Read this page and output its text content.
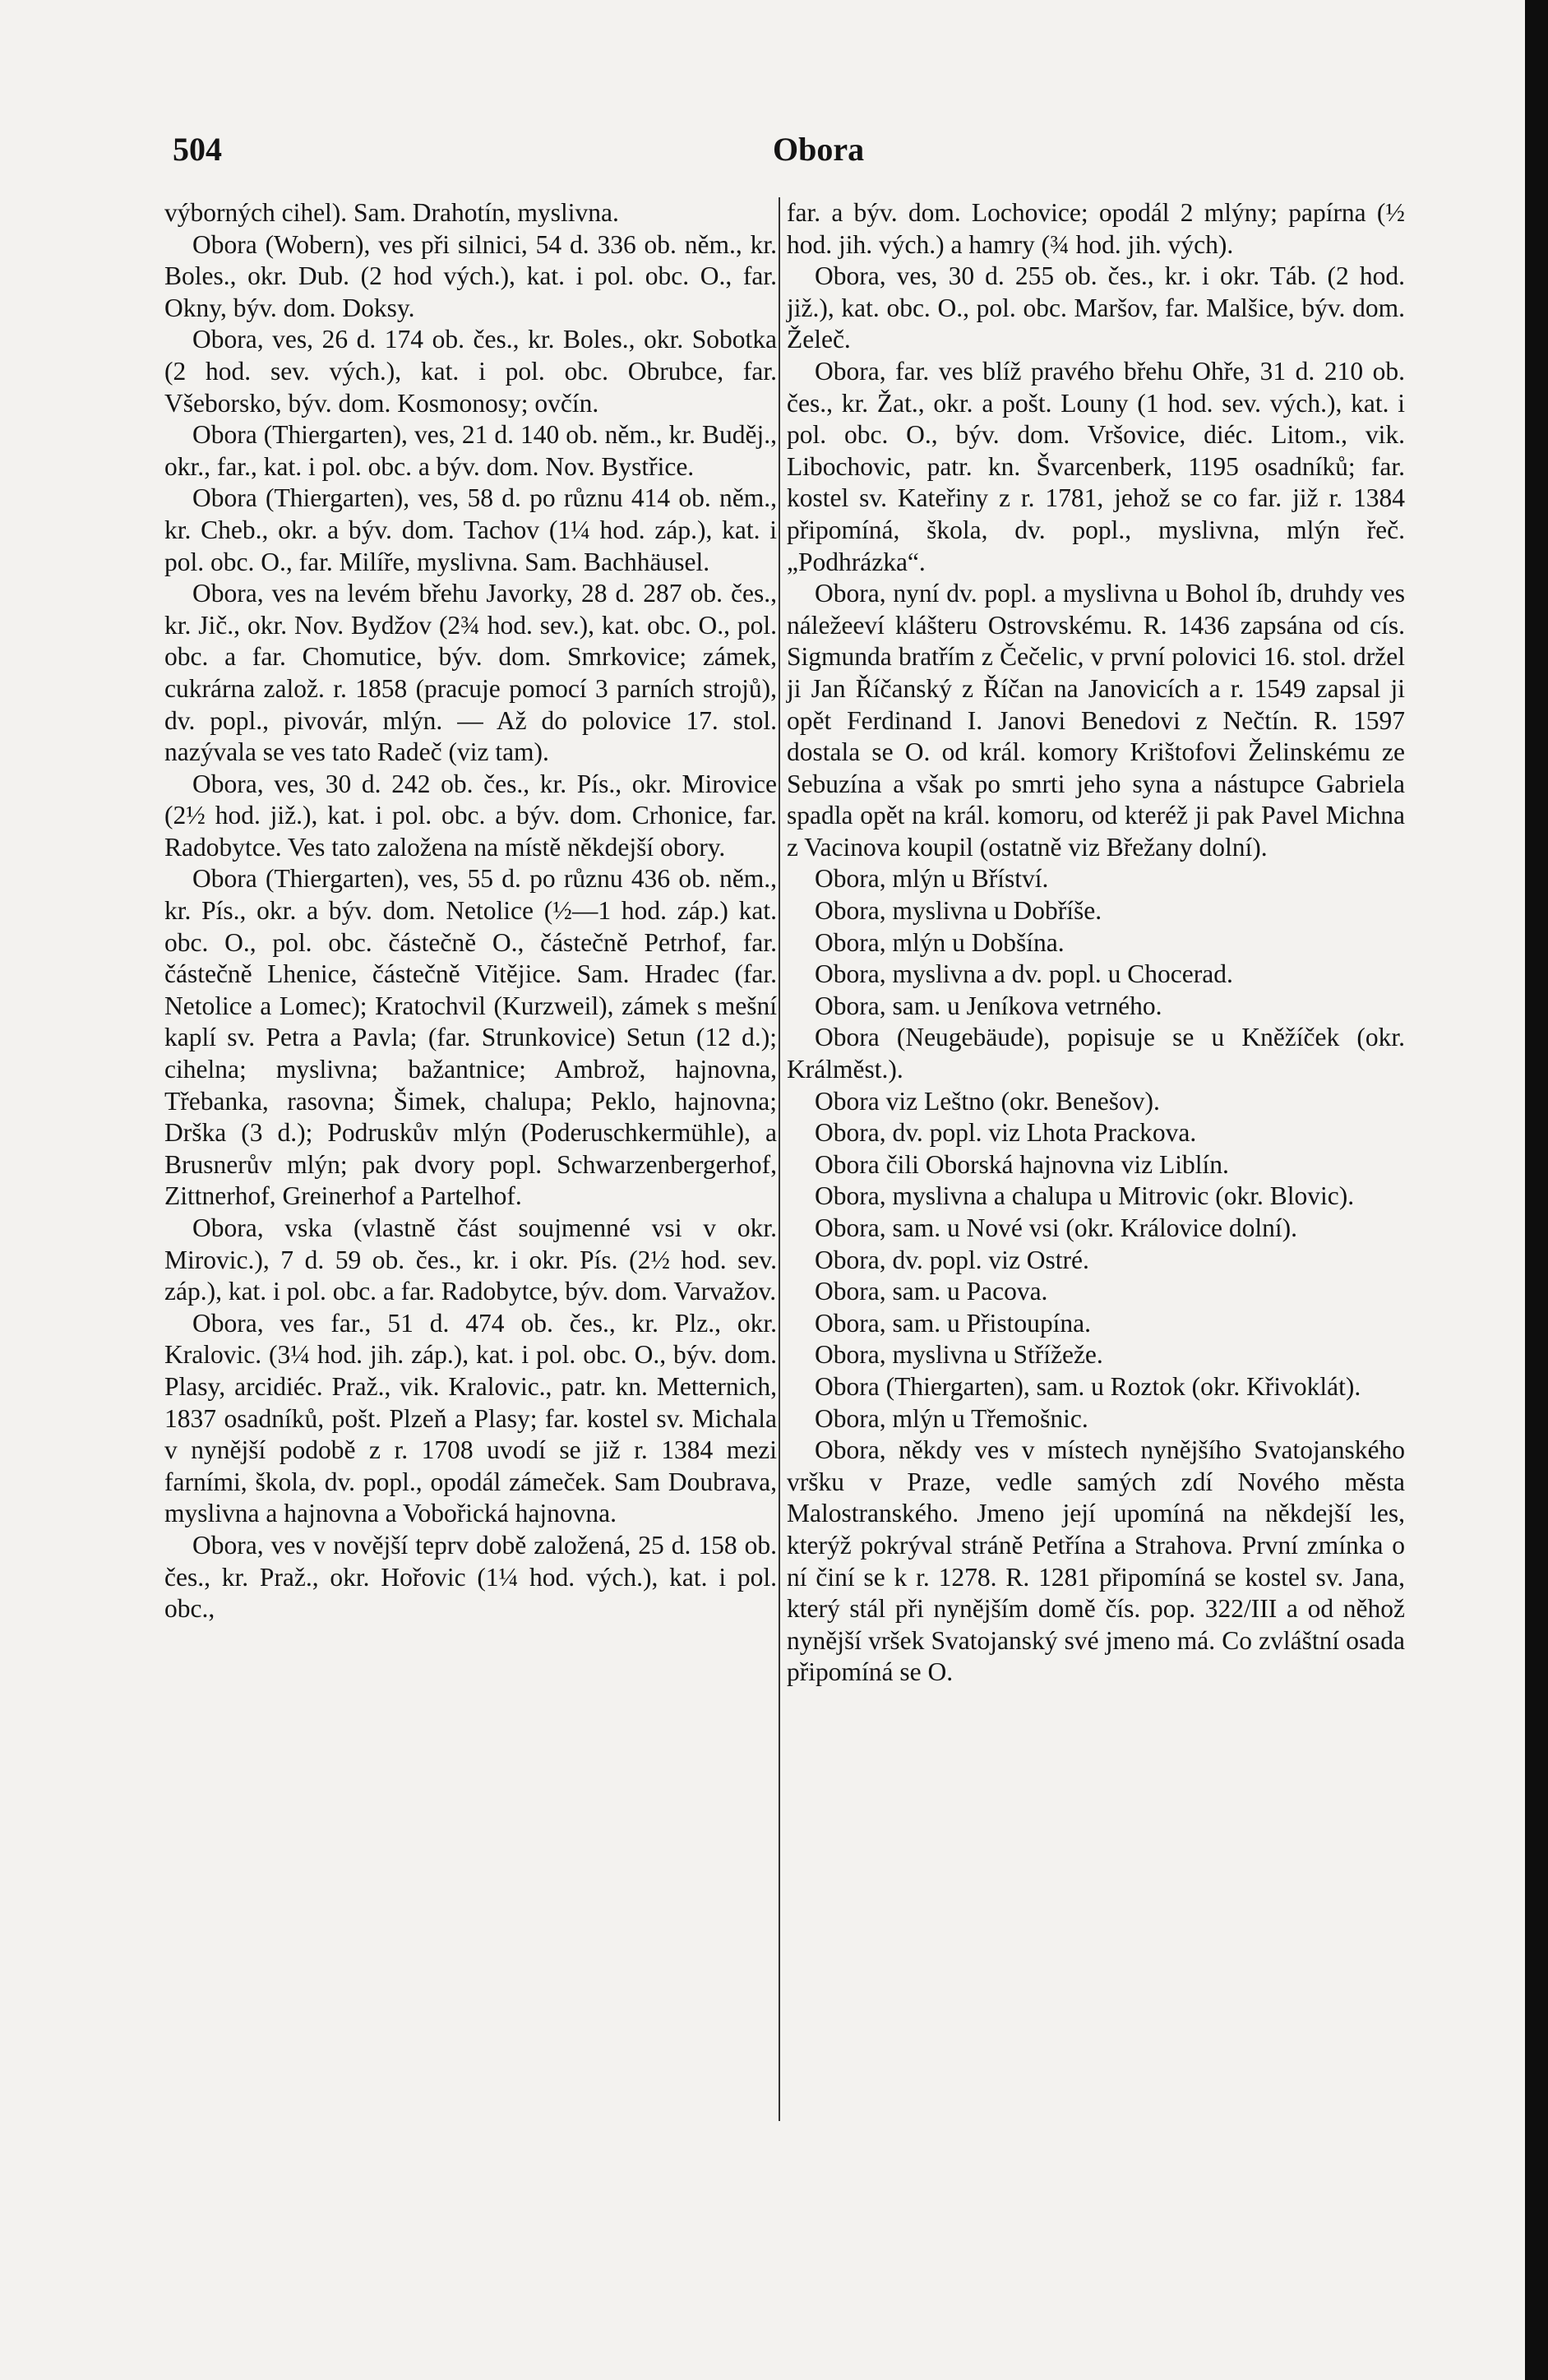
504	Obora

výborných cihel). Sam. Drahotín, myslivna.

Obora (Wobern), ves při silnici, 54 d. 336 ob. něm., kr. Boles., okr. Dub. (2 hod vých.), kat. i pol. obc. O., far. Okny, býv. dom. Doksy.

Obora, ves, 26 d. 174 ob. čes., kr. Boles., okr. Sobotka (2 hod. sev. vých.), kat. i pol. obc. Obrubce, far. Všeborsko, býv. dom. Kosmonosy; ovčín.

Obora (Thiergarten), ves, 21 d. 140 ob. něm., kr. Buděj., okr., far., kat. i pol. obc. a býv. dom. Nov. Bystřice.

Obora (Thiergarten), ves, 58 d. po různu 414 ob. něm., kr. Cheb., okr. a býv. dom. Tachov (1¼ hod. záp.), kat. i pol. obc. O., far. Milíře, myslivna. Sam. Bachhäusel.

Obora, ves na levém břehu Javorky, 28 d. 287 ob. čes., kr. Jič., okr. Nov. Bydžov (2¾ hod. sev.), kat. obc. O., pol. obc. a far. Chomutice, býv. dom. Smrkovice; zámek, cukrárna založ. r. 1858 (pracuje pomocí 3 parních strojů), dv. popl., pivovár, mlýn. — Až do polovice 17. stol. nazývala se ves tato Radeč (viz tam).

Obora, ves, 30 d. 242 ob. čes., kr. Pís., okr. Mirovice (2½ hod. již.), kat. i pol. obc. a býv. dom. Crhonice, far. Radobytce. Ves tato založena na místě někdejší obory.

Obora (Thiergarten), ves, 55 d. po různu 436 ob. něm., kr. Pís., okr. a býv. dom. Netolice (½—1 hod. záp.) kat. obc. O., pol. obc. částečně O., částečně Petrhof, far. částečně Lhenice, částečně Vitějice. Sam. Hradec (far. Netolice a Lomec); Kratochvil (Kurzweil), zámek s mešní kaplí sv. Petra a Pavla; (far. Strunkovice) Setun (12 d.); cihelna; myslivna; bažantnice; Ambrož, hajnovna, Třebanka, rasovna; Šimek, chalupa; Peklo, hajnovna; Drška (3 d.); Podruskův mlýn (Poderuschkermühle), a Brusnerův mlýn; pak dvory popl. Schwarzenbergerhof, Zittnerhof, Greinerhof a Partelhof.

Obora, vska (vlastně část soujmenné vsi v okr. Mirovic.), 7 d. 59 ob. čes., kr. i okr. Pís. (2½ hod. sev. záp.), kat. i pol. obc. a far. Radobytce, býv. dom. Varvažov.

Obora, ves far., 51 d. 474 ob. čes., kr. Plz., okr. Kralovic. (3¼ hod. jih. záp.), kat. i pol. obc. O., býv. dom. Plasy, arcidiéc. Praž., vik. Kralovic., patr. kn. Metternich, 1837 osadníků, pošt. Plzeň a Plasy; far. kostel sv. Michala v nynější podobě z r. 1708 uvodí se již r. 1384 mezi farními, škola, dv. popl., opodál zámeček. Sam Doubrava, myslivna a hajnovna a Vobořická hajnovna.

Obora, ves v novější teprv době založená, 25 d. 158 ob. čes., kr. Praž., okr. Hořovic (1¼ hod. vých.), kat. i pol. obc.,

far. a býv. dom. Lochovice; opodál 2 mlýny; papírna (½ hod. jih. vých.) a hamry (¾ hod. jih. vých).

Obora, ves, 30 d. 255 ob. čes., kr. i okr. Táb. (2 hod. již.), kat. obc. O., pol. obc. Maršov, far. Malšice, býv. dom. Želeč.

Obora, far. ves blíž pravého břehu Ohře, 31 d. 210 ob. čes., kr. Žat., okr. a pošt. Louny (1 hod. sev. vých.), kat. i pol. obc. O., býv. dom. Vršovice, diéc. Litom., vik. Libochovic, patr. kn. Švarcenberk, 1195 osadníků; far. kostel sv. Kateřiny z r. 1781, jehož se co far. již r. 1384 připomíná, škola, dv. popl., myslivna, mlýn řeč. „Podhrázka“.

Obora, nyní dv. popl. a myslivna u Bohol íb, druhdy ves náležeeví klášteru Ostrovskému. R. 1436 zapsána od cís. Sigmunda bratřím z Čečelic, v první polovici 16. stol. držel ji Jan Říčanský z Říčan na Janovicích a r. 1549 zapsal ji opět Ferdinand I. Janovi Benedovi z Nečtín. R. 1597 dostala se O. od král. komory Krištofovi Želinskému ze Sebuzína a však po smrti jeho syna a nástupce Gabriela spadla opět na král. komoru, od kteréž ji pak Pavel Michna z Vacinova koupil (ostatně viz Břežany dolní).

Obora, mlýn u Bříství.

Obora, myslivna u Dobříše.

Obora, mlýn u Dobšína.

Obora, myslivna a dv. popl. u Chocerad.

Obora, sam. u Jeníkova vetrného.

Obora (Neugebäude), popisuje se u Kněžíček (okr. Králměst.).

Obora viz Leštno (okr. Benešov).

Obora, dv. popl. viz Lhota Prackova.

Obora čili Oborská hajnovna viz Liblín.

Obora, myslivna a chalupa u Mitrovic (okr. Blovic).

Obora, sam. u Nové vsi (okr. Královice dolní).

Obora, dv. popl. viz Ostré.

Obora, sam. u Pacova.

Obora, sam. u Přistoupína.

Obora, myslivna u Střížeže.

Obora (Thiergarten), sam. u Roztok (okr. Křivoklát).

Obora, mlýn u Třemošnic.

Obora, někdy ves v místech nynějšího Svatojanského vršku v Praze, vedle samých zdí Nového města Malostranského. Jmeno její upomíná na někdejší les, kterýž pokrýval stráně Petřína a Strahova. První zmínka o ní činí se k r. 1278. R. 1281 připomíná se kostel sv. Jana, který stál při nynějším domě čís. pop. 322/III a od něhož nynější vršek Svatojanský své jmeno má. Co zvláštní osada připomíná se O.
